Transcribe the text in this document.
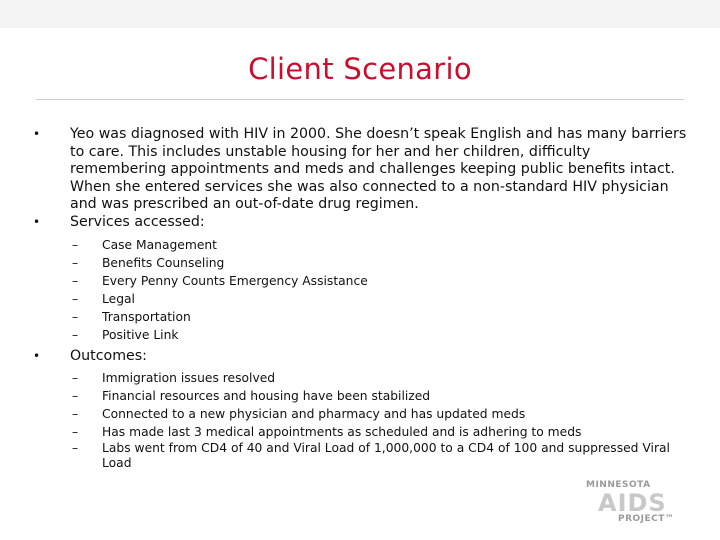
Client Scenario
• Yeo was diagnosed with HIV in 2000. She doesn’t speak English and has many barriers to care. This includes unstable housing for her and her children, difficulty remembering appointments and meds and challenges keeping public benefits intact. When she entered services she was also connected to a non-standard HIV physician and was prescribed an out-of-date drug regimen.
• Services accessed:
– Case Management
– Benefits Counseling
– Every Penny Counts Emergency Assistance
– Legal
– Transportation
– Positive Link
• Outcomes:
– Immigration issues resolved
– Financial resources and housing have been stabilized
– Connected to a new physician and pharmacy and has updated meds
– Has made last 3 medical appointments as scheduled and is adhering to meds
– Labs went from CD4 of 40 and Viral Load of 1,000,000 to a CD4 of 100 and suppressed Viral Load
MINNESOTA
AIDS
PROJECT™
